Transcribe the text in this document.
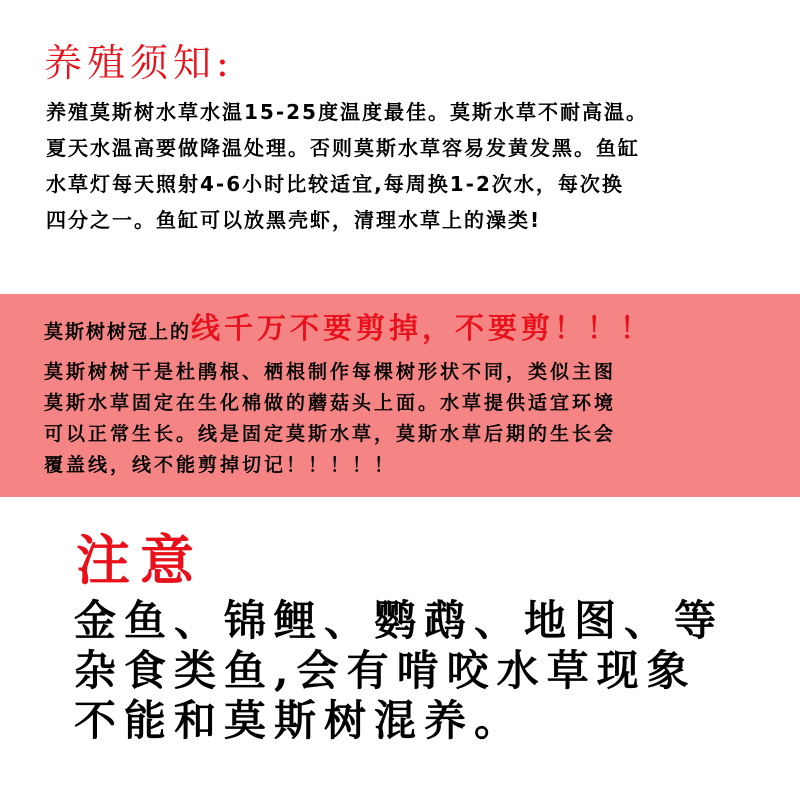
养殖须知:
养殖莫斯树水草水温15-25度温度最佳。莫斯水草不耐高温。
夏天水温高要做降温处理。否则莫斯水草容易发黄发黑。鱼缸
水草灯每天照射4-6小时比较适宜,每周换1-2次水，每次换
四分之一。鱼缸可以放黑壳虾，清理水草上的澡类!
莫斯树树冠上的线千万不要剪掉，不要剪！！！
莫斯树树干是杜鹃根、栖根制作每棵树形状不同，类似主图
莫斯水草固定在生化棉做的蘑菇头上面。水草提供适宜环境
可以正常生长。线是固定莫斯水草，莫斯水草后期的生长会
覆盖线，线不能剪掉切记！！！！！
注意
金鱼、锦鲤、鹦鹉、地图、等
杂食类鱼,会有啃咬水草现象
不能和莫斯树混养。
